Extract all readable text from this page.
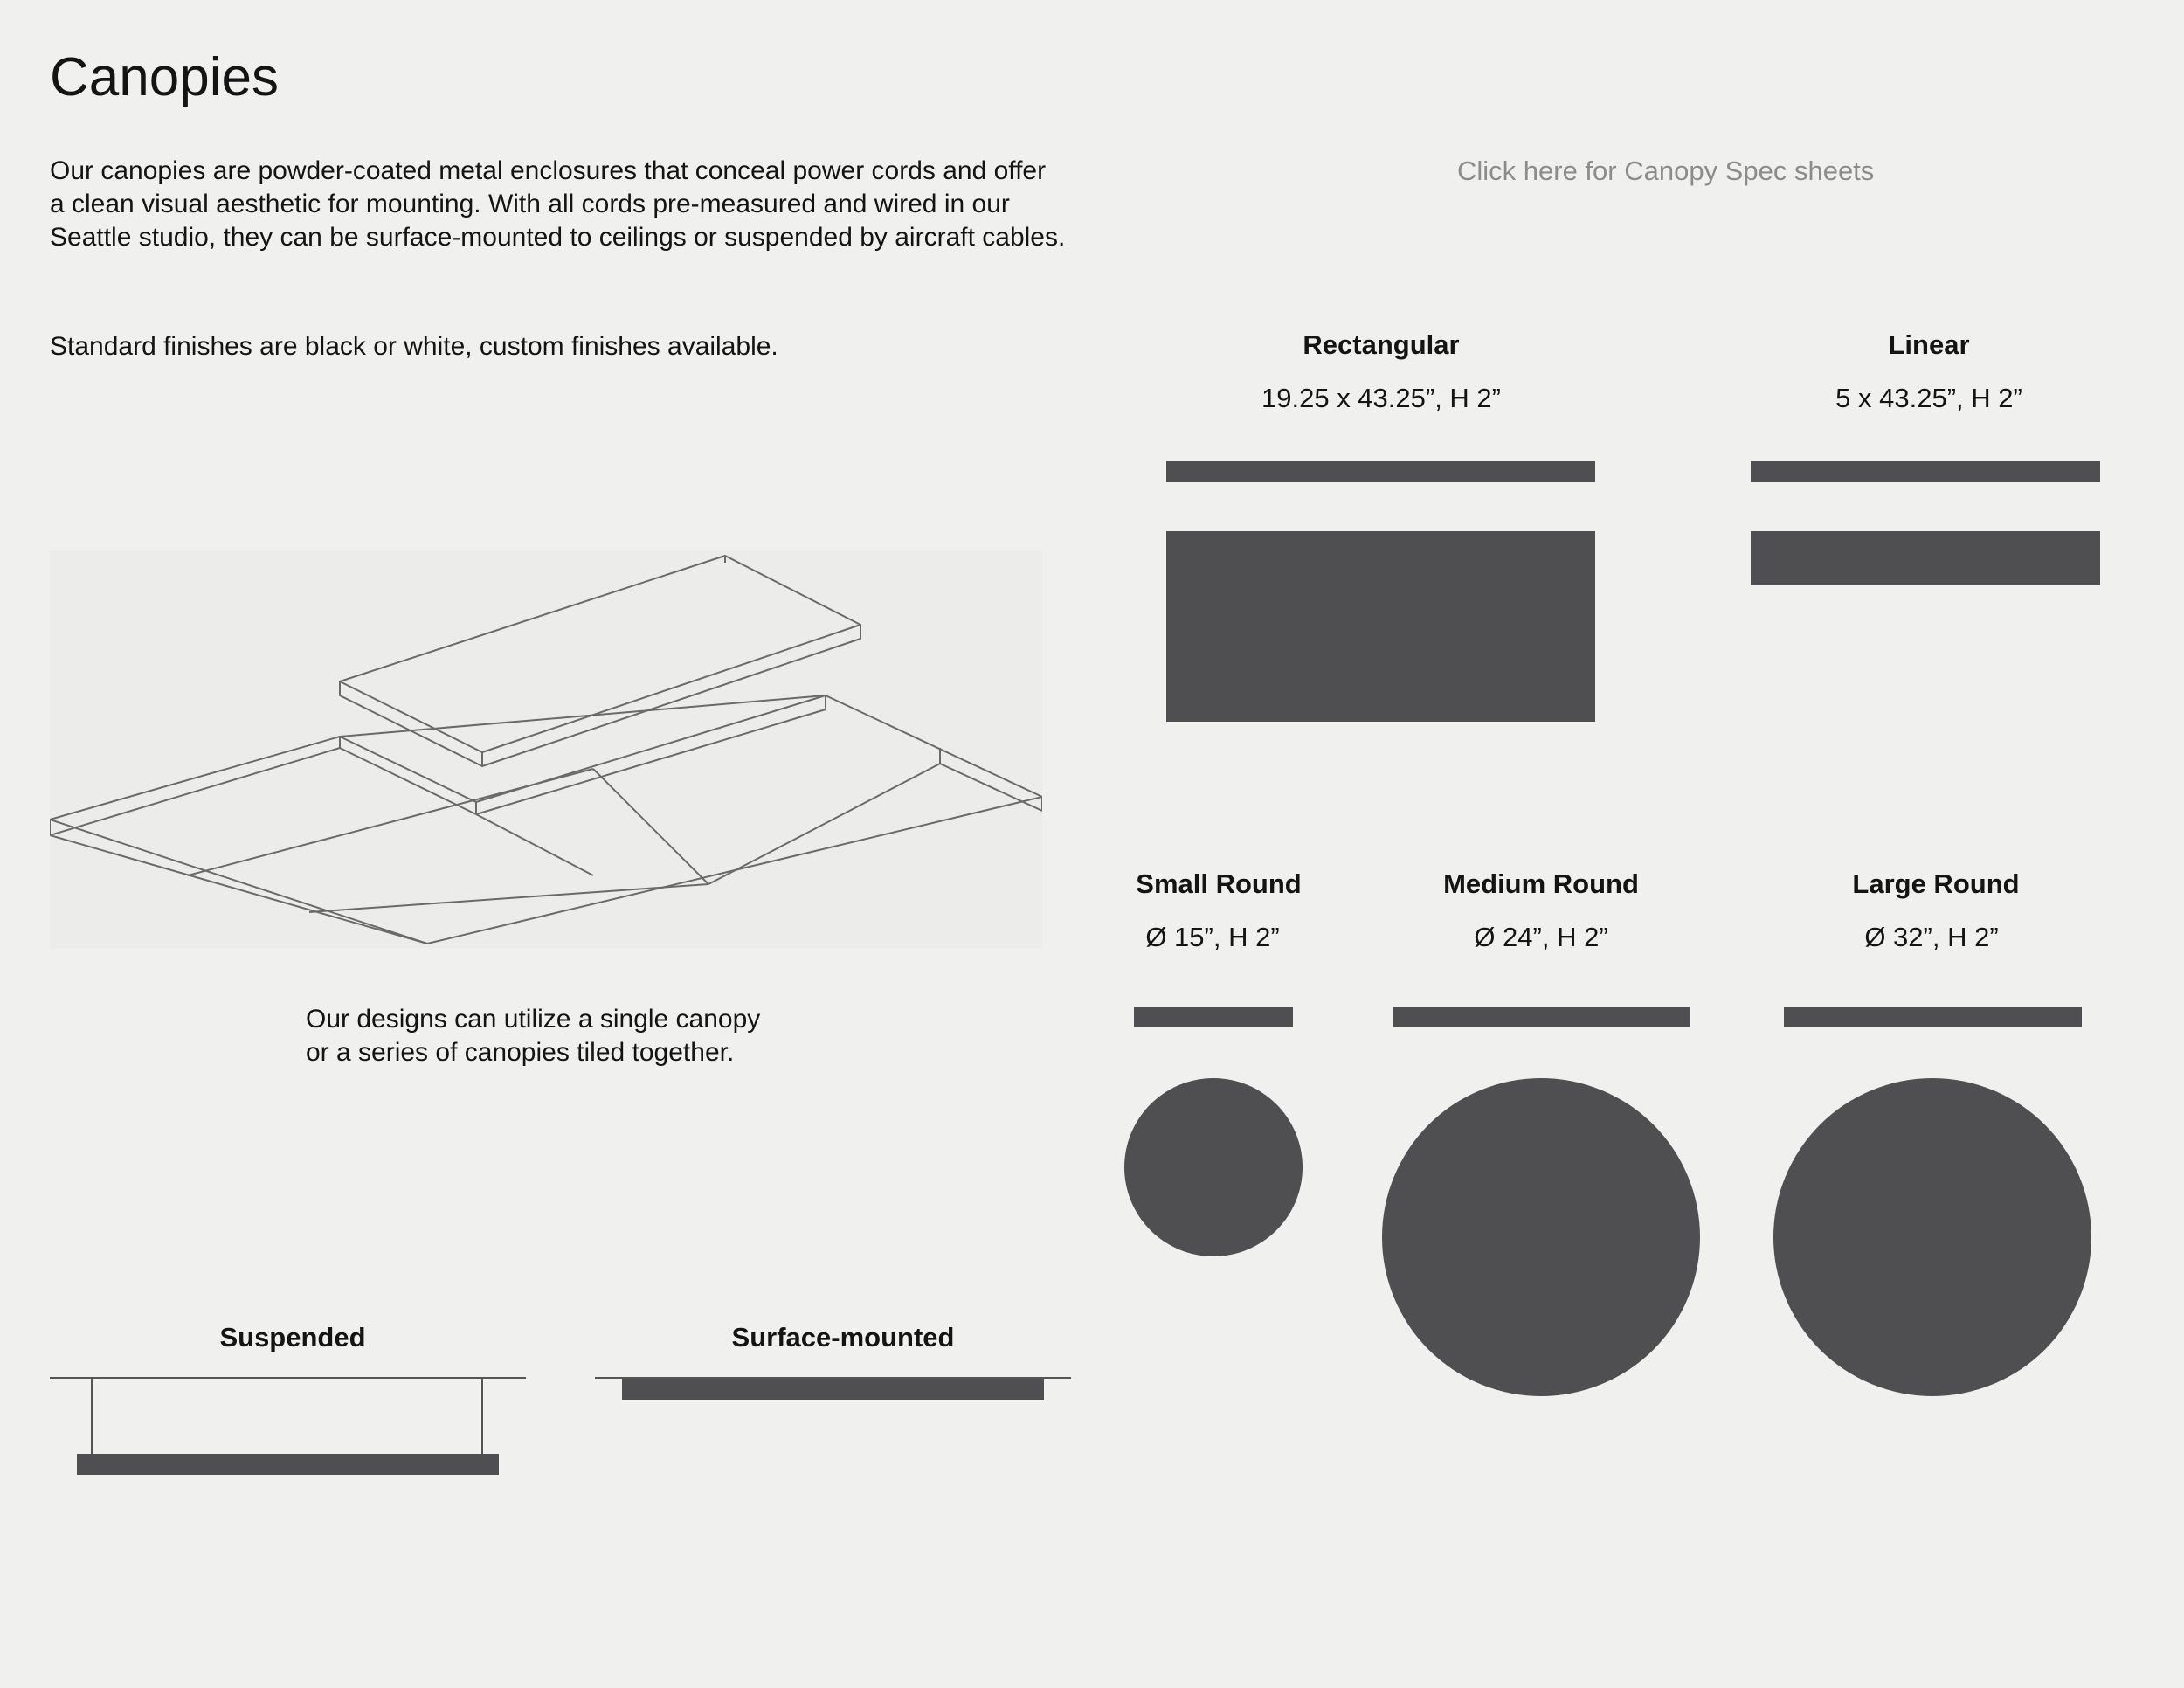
Canopies
Our canopies are powder-coated metal enclosures that conceal power cords and offer
a clean visual aesthetic for mounting. With all cords pre-measured and wired in our
Seattle studio, they can be surface-mounted to ceilings or suspended by aircraft cables.
Standard finishes are black or white, custom finishes available.
Click here for Canopy Spec sheets
Our designs can utilize a single canopy
or a series of canopies tiled together.
Rectangular
19.25 x 43.25”, H 2”
Linear
5 x 43.25”, H 2”
Small Round
Ø 15”, H 2”
Medium Round
Ø 24”, H 2”
Large Round
Ø 32”, H 2”
Suspended	Surface-mounted
